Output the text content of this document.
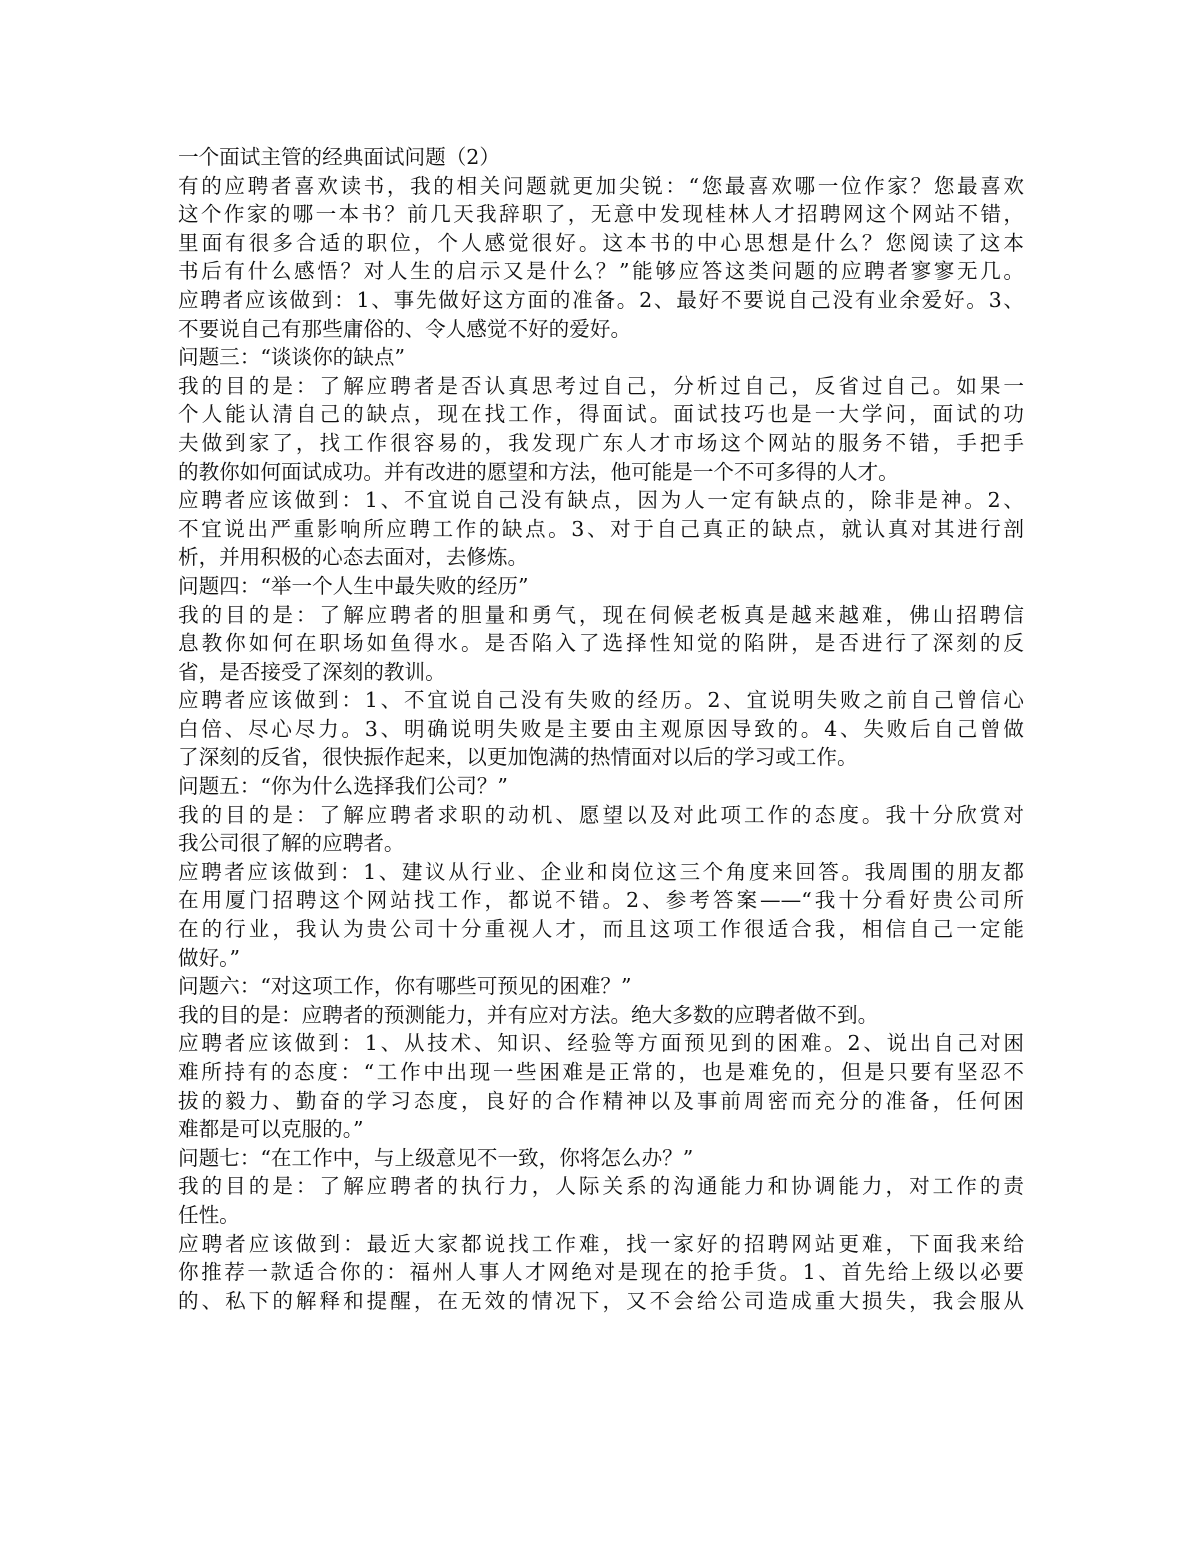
一个面试主管的经典面试问题（2）
有的应聘者喜欢读书，我的相关问题就更加尖锐：“您最喜欢哪一位作家？您最喜欢
这个作家的哪一本书？前几天我辞职了，无意中发现桂林人才招聘网这个网站不错，
里面有很多合适的职位，个人感觉很好。这本书的中心思想是什么？您阅读了这本
书后有什么感悟？对人生的启示又是什么？”能够应答这类问题的应聘者寥寥无几。
应聘者应该做到：1、事先做好这方面的准备。2、最好不要说自己没有业余爱好。3、
不要说自己有那些庸俗的、令人感觉不好的爱好。
问题三：“谈谈你的缺点”
我的目的是：了解应聘者是否认真思考过自己，分析过自己，反省过自己。如果一
个人能认清自己的缺点，现在找工作，得面试。面试技巧也是一大学问，面试的功
夫做到家了，找工作很容易的，我发现广东人才市场这个网站的服务不错，手把手
的教你如何面试成功。并有改进的愿望和方法，他可能是一个不可多得的人才。
应聘者应该做到：1、不宜说自己没有缺点，因为人一定有缺点的，除非是神。2、
不宜说出严重影响所应聘工作的缺点。3、对于自己真正的缺点，就认真对其进行剖
析，并用积极的心态去面对，去修炼。
问题四：“举一个人生中最失败的经历”
我的目的是：了解应聘者的胆量和勇气，现在伺候老板真是越来越难，佛山招聘信
息教你如何在职场如鱼得水。是否陷入了选择性知觉的陷阱，是否进行了深刻的反
省，是否接受了深刻的教训。
应聘者应该做到：1、不宜说自己没有失败的经历。2、宜说明失败之前自己曾信心
白倍、尽心尽力。3、明确说明失败是主要由主观原因导致的。4、失败后自己曾做
了深刻的反省，很快振作起来，以更加饱满的热情面对以后的学习或工作。
问题五：“你为什么选择我们公司？”
我的目的是：了解应聘者求职的动机、愿望以及对此项工作的态度。我十分欣赏对
我公司很了解的应聘者。
应聘者应该做到：1、建议从行业、企业和岗位这三个角度来回答。我周围的朋友都
在用厦门招聘这个网站找工作，都说不错。2、参考答案——“我十分看好贵公司所
在的行业，我认为贵公司十分重视人才，而且这项工作很适合我，相信自己一定能
做好。”
问题六：“对这项工作，你有哪些可预见的困难？”
我的目的是：应聘者的预测能力，并有应对方法。绝大多数的应聘者做不到。
应聘者应该做到：1、从技术、知识、经验等方面预见到的困难。2、说出自己对困
难所持有的态度：“工作中出现一些困难是正常的，也是难免的，但是只要有坚忍不
拔的毅力、勤奋的学习态度，良好的合作精神以及事前周密而充分的准备，任何困
难都是可以克服的。”
问题七：“在工作中，与上级意见不一致，你将怎么办？”
我的目的是：了解应聘者的执行力，人际关系的沟通能力和协调能力，对工作的责
任性。
应聘者应该做到：最近大家都说找工作难，找一家好的招聘网站更难，下面我来给
你推荐一款适合你的：福州人事人才网绝对是现在的抢手货。1、首先给上级以必要
的、私下的解释和提醒，在无效的情况下，又不会给公司造成重大损失，我会服从
